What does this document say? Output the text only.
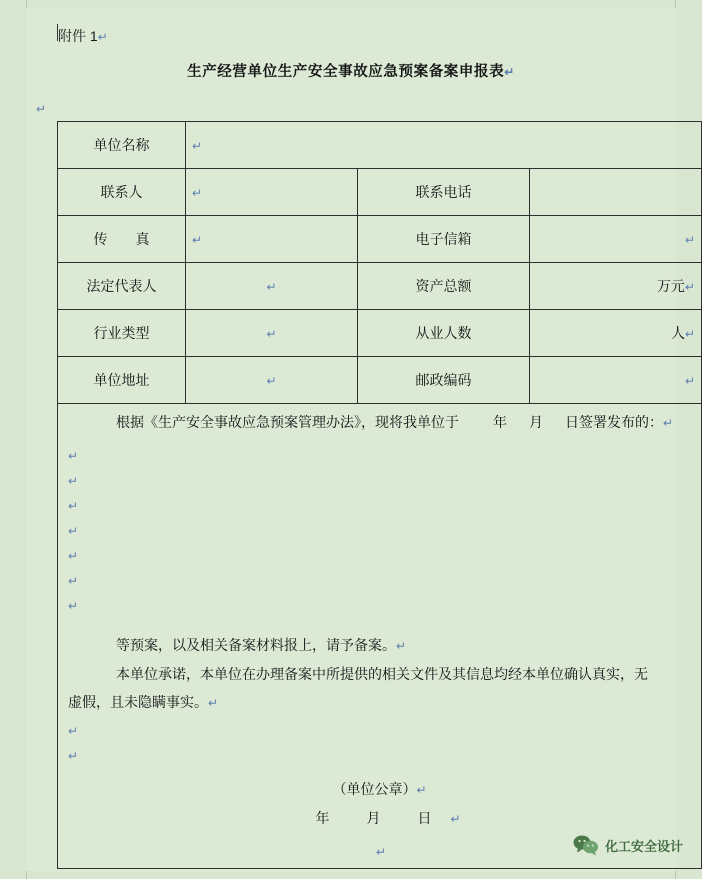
附件 1↵
生产经营单位生产安全事故应急预案备案申报表↵
↵
单位名称	↵		
联系人	↵	联系电话	
传　　真	↵	电子信箱	↵
法定代表人	↵	资产总额	万元↵
行业类型	↵	从业人数	人↵
单位地址	↵	邮政编码	↵
根据《生产安全事故应急预案管理办法》，现将我单位于 年 月 日签署发布的：↵
↵
↵
↵
↵
↵
↵
↵
等预案，以及相关备案材料报上，请予备案。↵
本单位承诺，本单位在办理备案中所提供的相关文件及其信息均经本单位确认真实，无
虚假，且未隐瞒事实。↵
↵
↵
（单位公章）↵
年	月	日 ↵
↵	化工安全设计
